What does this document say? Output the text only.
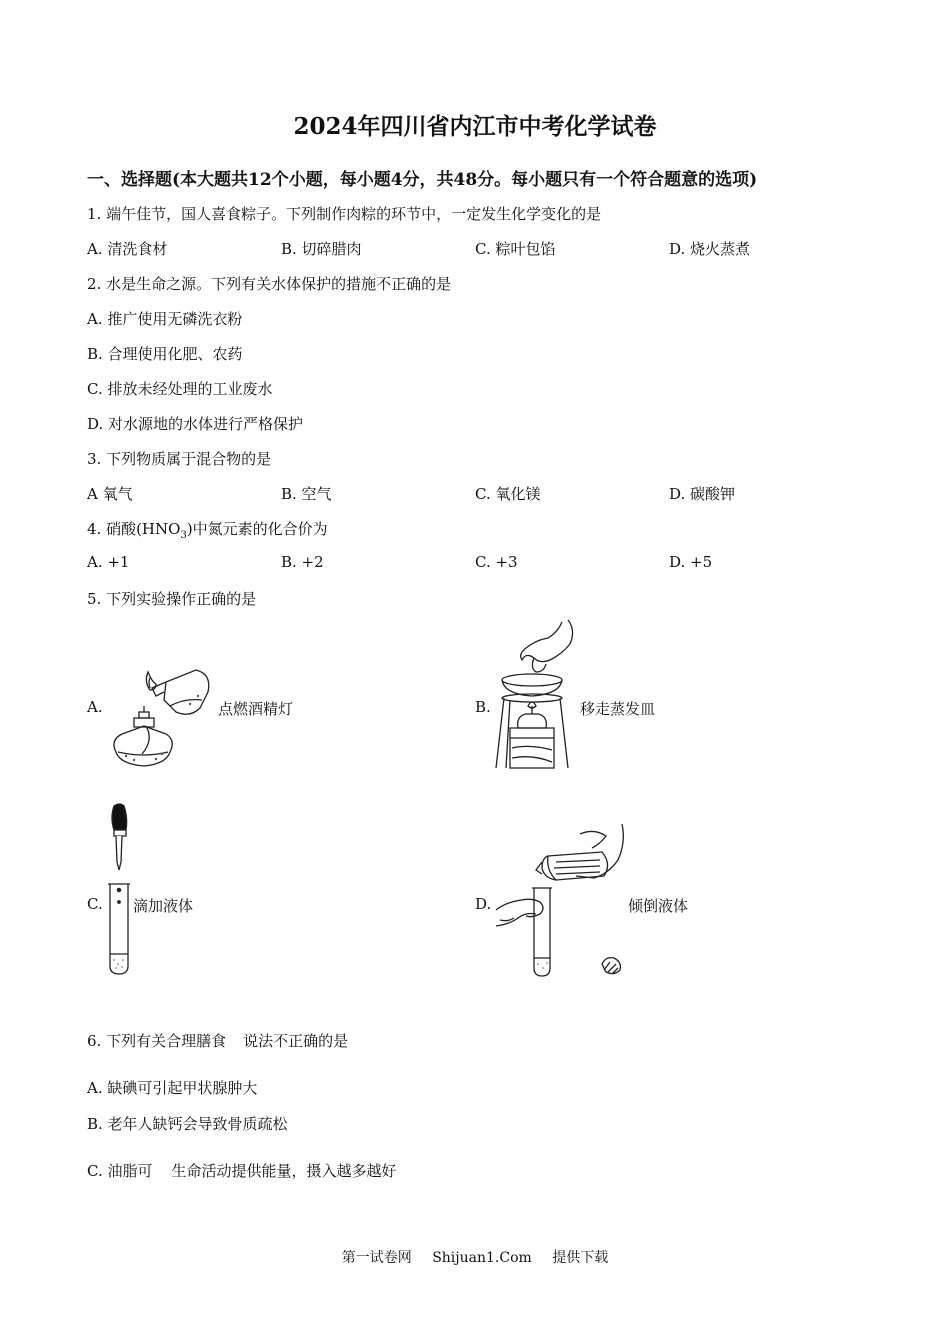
2024年四川省内江市中考化学试卷
一、选择题(本大题共12个小题，每小题4分，共48分。每小题只有一个符合题意的选项)
1. 端午佳节，国人喜食粽子。下列制作肉粽的环节中，一定发生化学变化的是
A. 清洗食材	B. 切碎腊肉	C. 粽叶包馅	D. 烧火蒸煮
2. 水是生命之源。下列有关水体保护的措施不正确的是
A. 推广使用无磷洗衣粉
B. 合理使用化肥、农药
C. 排放未经处理的工业废水
D. 对水源地的水体进行严格保护
3. 下列物质属于混合物的是
A 氧气	B. 空气	C. 氧化镁	D. 碳酸钾
4. 硝酸$(HNO_3)$中氮元素的化合价为
A. +1	B. +2	C. +3	D. +5
5. 下列实验操作正确的是
A.	点燃酒精灯	B.	移走蒸发皿
C. 滴加液体	D.	倾倒液体
6. 下列有关合理膳食 说法不正确的是
A. 缺碘可引起甲状腺肿大
B. 老年人缺钙会导致骨质疏松
C. 油脂可 生命活动提供能量，摄入越多越好
第一试卷网 Shijuan1.Com 提供下载
